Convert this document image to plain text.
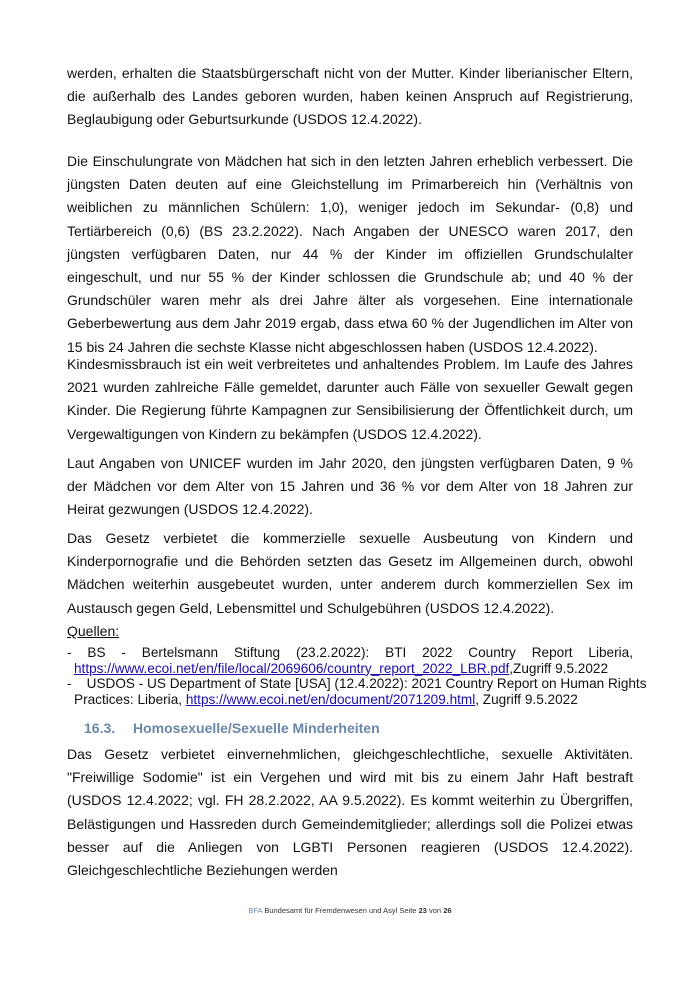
werden, erhalten die Staatsbürgerschaft nicht von der Mutter. Kinder liberianischer Eltern, die außerhalb des Landes geboren wurden, haben keinen Anspruch auf Registrierung, Beglaubigung oder Geburtsurkunde (USDOS 12.4.2022).

Die Einschulungrate von Mädchen hat sich in den letzten Jahren erheblich verbessert. Die jüngsten Daten deuten auf eine Gleichstellung im Primarbereich hin (Verhältnis von weiblichen zu männlichen Schülern: 1,0), weniger jedoch im Sekundar- (0,8) und Tertiärbereich (0,6) (BS 23.2.2022). Nach Angaben der UNESCO waren 2017, den jüngsten verfügbaren Daten, nur 44 % der Kinder im offiziellen Grundschulalter eingeschult, und nur 55 % der Kinder schlossen die Grundschule ab; und 40 % der Grundschüler waren mehr als drei Jahre älter als vorgesehen. Eine internationale Geberbewertung aus dem Jahr 2019 ergab, dass etwa 60 % der Jugendlichen im Alter von 15 bis 24 Jahren die sechste Klasse nicht abgeschlossen haben (USDOS 12.4.2022).

Kindesmissbrauch ist ein weit verbreitetes und anhaltendes Problem. Im Laufe des Jahres 2021 wurden zahlreiche Fälle gemeldet, darunter auch Fälle von sexueller Gewalt gegen Kinder. Die Regierung führte Kampagnen zur Sensibilisierung der Öffentlichkeit durch, um Vergewaltigungen von Kindern zu bekämpfen (USDOS 12.4.2022).

Laut Angaben von UNICEF wurden im Jahr 2020, den jüngsten verfügbaren Daten, 9 % der Mädchen vor dem Alter von 15 Jahren und 36 % vor dem Alter von 18 Jahren zur Heirat gezwungen (USDOS 12.4.2022).

Das Gesetz verbietet die kommerzielle sexuelle Ausbeutung von Kindern und Kinderpornografie und die Behörden setzten das Gesetz im Allgemeinen durch, obwohl Mädchen weiterhin ausgebeutet wurden, unter anderem durch kommerziellen Sex im Austausch gegen Geld, Lebensmittel und Schulgebühren (USDOS 12.4.2022).

Quellen:
-   BS   -   Bertelsmann   Stiftung   (23.2.2022):   BTI   2022   Country   Report   Liberia,
https://www.ecoi.net/en/file/local/2069606/country_report_2022_LBR.pdf,Zugriff 9.5.2022
-    USDOS - US Department of State [USA] (12.4.2022): 2021 Country Report on Human Rights
Practices: Liberia, https://www.ecoi.net/en/document/2071209.html, Zugriff 9.5.2022
16.3. Homosexuelle/Sexuelle Minderheiten

Das Gesetz verbietet einvernehmlichen, gleichgeschlechtliche, sexuelle Aktivitäten. "Freiwillige Sodomie" ist ein Vergehen und wird mit bis zu einem Jahr Haft bestraft (USDOS 12.4.2022; vgl. FH 28.2.2022, AA 9.5.2022). Es kommt weiterhin zu Übergriffen, Belästigungen und Hassreden durch Gemeindemitglieder; allerdings soll die Polizei etwas besser auf die Anliegen von LGBTI Personen reagieren (USDOS 12.4.2022). Gleichgeschlechtliche Beziehungen werden

BFA Bundesamt für Fremdenwesen und Asyl Seite 23 von 26
